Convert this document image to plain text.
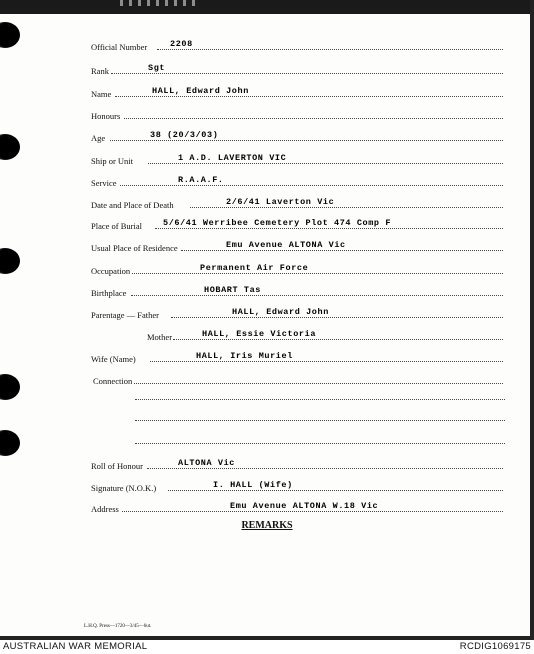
Official Number	2208
Rank	Sgt
Name	HALL, Edward John
Honours
Age	38 (20/3/03)
Ship or Unit	1 A.D. LAVERTON VIC
Service	R.A.A.F.
Date and Place of Death	2/6/41 Laverton Vic
Place of Burial 5/6/41 Werribee Cemetery Plot 474 Comp F
Usual Place of Residence	Emu Avenue ALTONA Vic
Occupation	Permanent Air Force
Birthplace	HOBART Tas
Parentage — Father	HALL, Edward John
Mother	HALL, Essie Victoria
Wife (Name)	HALL, Iris Muriel
Connection
Roll of Honour	ALTONA Vic
Signature (N.O.K.)	I. HALL (Wife)
Address	Emu Avenue ALTONA W.18 Vic
REMARKS
L.H.Q. Press—1720—3/45—6ut.
AUSTRALIAN WAR MEMORIAL	RCDIG1069175
